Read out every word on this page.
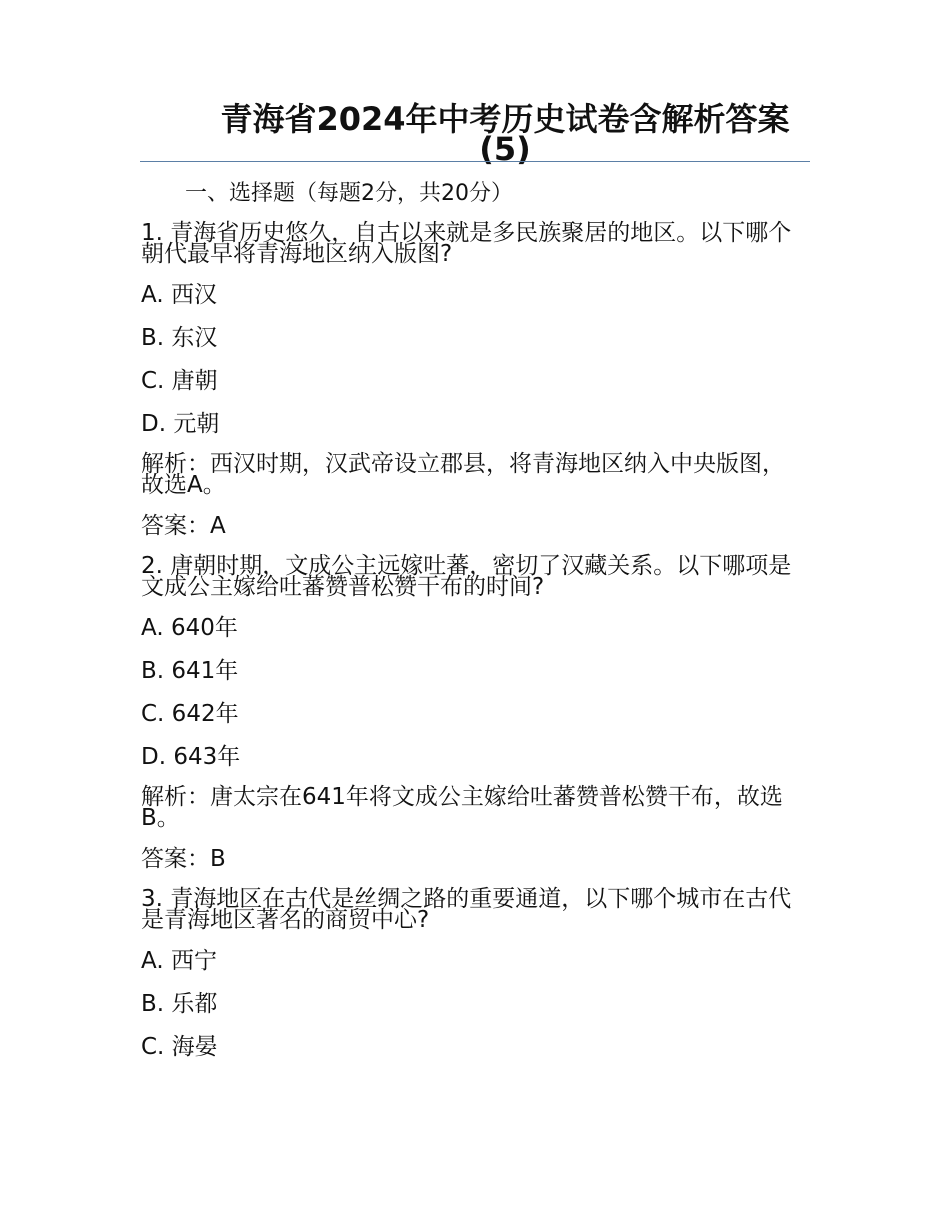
青海省2024年中考历史试卷含解析答案(5)
一、选择题（每题2分，共20分）
1. 青海省历史悠久，自古以来就是多民族聚居的地区。以下哪个朝代最早将青海地区纳入版图?
A. 西汉
B. 东汉
C. 唐朝
D. 元朝
解析：西汉时期，汉武帝设立郡县，将青海地区纳入中央版图，故选A。
答案：A
2. 唐朝时期，文成公主远嫁吐蕃，密切了汉藏关系。以下哪项是文成公主嫁给吐蕃赞普松赞干布的时间?
A. 640年
B. 641年
C. 642年
D. 643年
解析：唐太宗在641年将文成公主嫁给吐蕃赞普松赞干布，故选B。
答案：B
3. 青海地区在古代是丝绸之路的重要通道，以下哪个城市在古代是青海地区著名的商贸中心?
A. 西宁
B. 乐都
C. 海晏
